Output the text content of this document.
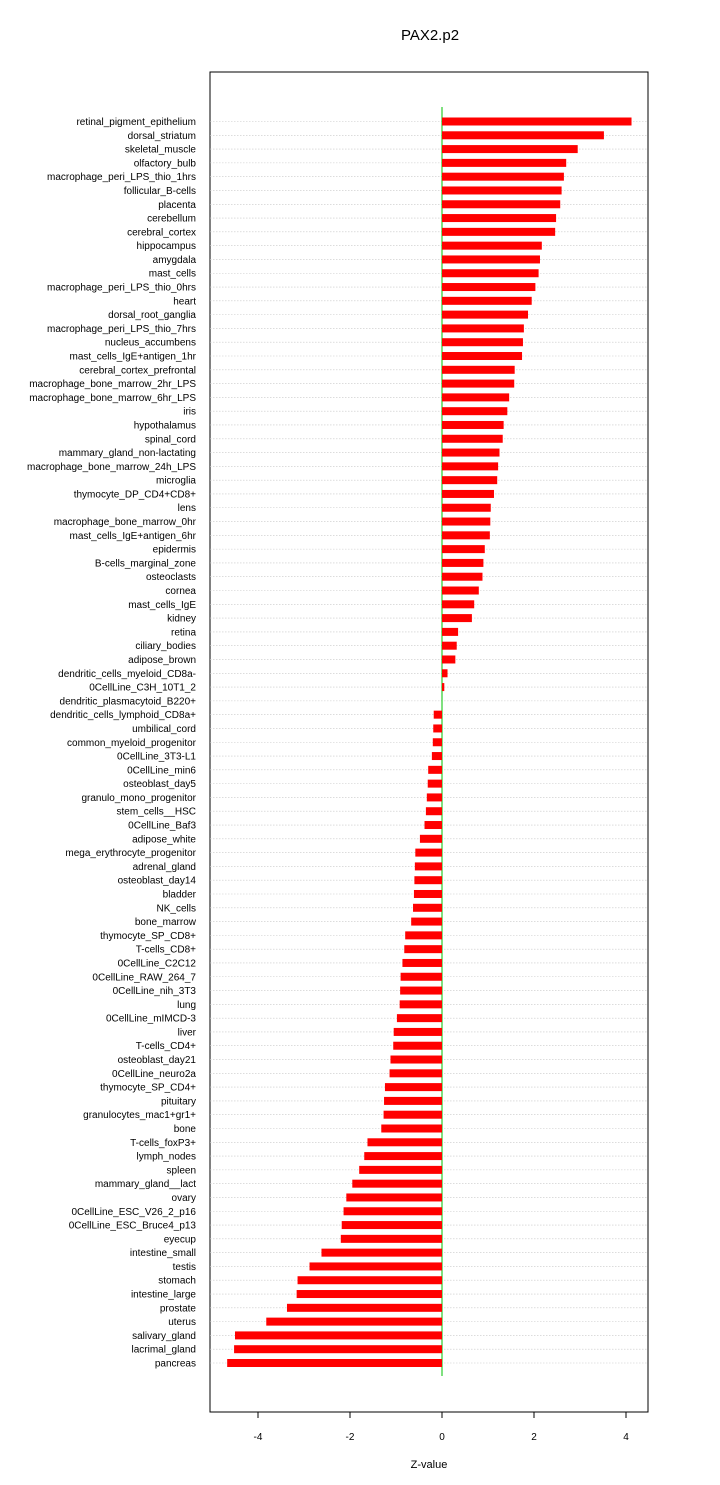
PAX2.p2
retinal_pigment_epithelium
dorsal_striatum
skeletal_muscle
olfactory_bulb
macrophage_peri_LPS_thio_1hrs
follicular_B-cells
placenta
cerebellum
cerebral_cortex
hippocampus
amygdala
mast_cells
macrophage_peri_LPS_thio_0hrs
heart
dorsal_root_ganglia
macrophage_peri_LPS_thio_7hrs
nucleus_accumbens
mast_cells_IgE+antigen_1hr
cerebral_cortex_prefrontal
macrophage_bone_marrow_2hr_LPS
macrophage_bone_marrow_6hr_LPS
iris
hypothalamus
spinal_cord
mammary_gland_non-lactating
macrophage_bone_marrow_24h_LPS
microglia
thymocyte_DP_CD4+CD8+
lens
macrophage_bone_marrow_0hr
mast_cells_IgE+antigen_6hr
epidermis
B-cells_marginal_zone
osteoclasts
cornea
mast_cells_IgE
kidney
retina
ciliary_bodies
adipose_brown
dendritic_cells_myeloid_CD8a-
0CellLine_C3H_10T1_2
dendritic_plasmacytoid_B220+
dendritic_cells_lymphoid_CD8a+
umbilical_cord
common_myeloid_progenitor
0CellLine_3T3-L1
0CellLine_min6
osteoblast_day5
granulo_mono_progenitor
stem_cells__HSC
0CellLine_Baf3
adipose_white
mega_erythrocyte_progenitor
adrenal_gland
osteoblast_day14
bladder
NK_cells
bone_marrow
thymocyte_SP_CD8+
T-cells_CD8+
0CellLine_C2C12
0CellLine_RAW_264_7
0CellLine_nih_3T3
lung
0CellLine_mIMCD-3
liver
T-cells_CD4+
osteoblast_day21
0CellLine_neuro2a
thymocyte_SP_CD4+
pituitary
granulocytes_mac1+gr1+
bone
T-cells_foxP3+
lymph_nodes
spleen
mammary_gland__lact
ovary
0CellLine_ESC_V26_2_p16
0CellLine_ESC_Bruce4_p13
eyecup
intestine_small
testis
stomach
intestine_large
prostate
uterus
salivary_gland
lacrimal_gland
pancreas
-4	-2	0	2	4
Z-value
